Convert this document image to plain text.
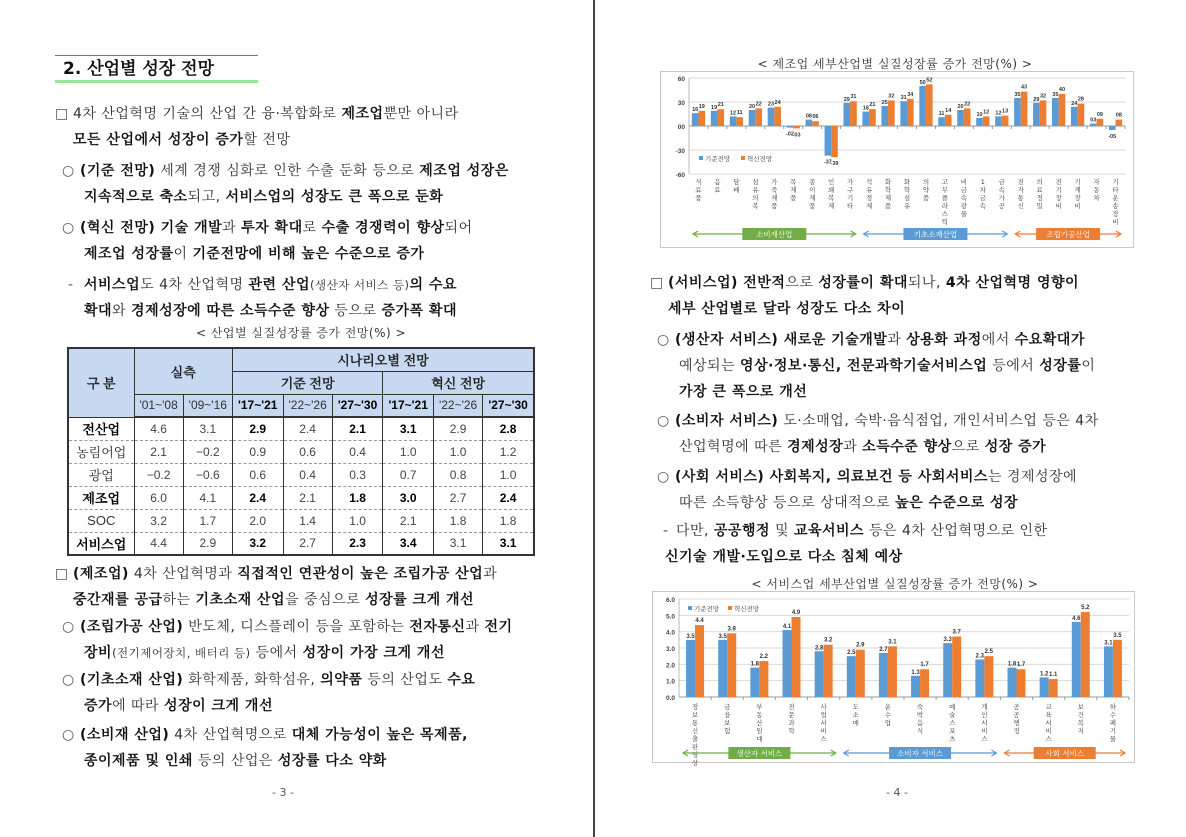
2. 산업별 성장 전망
□ 4차 산업혁명 기술의 산업 간 융·복합화로 제조업뿐만 아니라
모든 산업에서 성장이 증가할 전망
○ (기준 전망) 세계 경쟁 심화로 인한 수출 둔화 등으로 제조업 성장은
지속적으로 축소되고, 서비스업의 성장도 큰 폭으로 둔화
○ (혁신 전망) 기술 개발과 투자 확대로 수출 경쟁력이 향상되어
제조업 성장률이 기준전망에 비해 높은 수준으로 증가
- 서비스업도 4차 산업혁명 관련 산업(생산자 서비스 등)의 수요
확대와 경제성장에 따른 소득수준 향상 등으로 증가폭 확대
< 산업별 실질성장률 증가 전망(%) >
구 분	실측		시나리오별 전망					
			기준 전망			혁신 전망		
	'01~'08	'09~'16	'17~'21	'22~'26	'27~'30	'17~'21	'22~'26	'27~'30
전산업	4.6	3.1	2.9	2.4	2.1	3.1	2.9	2.8
농림어업	2.1	−0.2	0.9	0.6	0.4	1.0	1.0	1.2
광업	−0.2	−0.6	0.6	0.4	0.3	0.7	0.8	1.0
제조업	6.0	4.1	2.4	2.1	1.8	3.0	2.7	2.4
SOC	3.2	1.7	2.0	1.4	1.0	2.1	1.8	1.8
서비스업	4.4	2.9	3.2	2.7	2.3	3.4	3.1	3.1
□ (제조업) 4차 산업혁명과 직접적인 연관성이 높은 조립가공 산업과
중간재를 공급하는 기초소재 산업을 중심으로 성장률 크게 개선
○ (조립가공 산업) 반도체, 디스플레이 등을 포함하는 전자통신과 전기
장비(전기제어장치, 배터리 등) 등에서 성장이 가장 크게 개선
○ (기초소재 산업) 화학제품, 화학섬유, 의약품 등의 산업도 수요
증가에 따라 성장이 크게 개선
○ (소비재 산업) 4차 산업혁명으로 대체 가능성이 높은 목제품,
종이제품 및 인쇄 등의 산업은 성장률 다소 약화
- 3 -
< 제조업 세부산업별 실질성장률 증가 전망(%) >
60
30
00
-30
-60
16
19
식
료
품
19 21
음
료
12 11
담
배
20 22
섬
유
의
복
23 24
가
죽
제
품
-02
-03
목
제
품
08 06
종
이
제
품
-37
-39
인
쇄
복
제
29 31
가
구
기
타
18
21
석
유
정
제
25
32
화
학
제
품
31
34
화
학
섬
유
50 52
의
약
품
11
14
고
무
플
라
스
틱
20 22
비
금
속
광
물
10 12
1
차
금
속
12 13
금
속
가
공
35
43
전
자
통
신
29
32
의
료
정
밀
35
40
전
기
장
비
24
28
기
계
장
비
03
09
자
동
차
-05
08
기
타
운
송
장
비
기준전망	혁신전망
소비재산업	기초소재산업	조립가공산업
□ (서비스업) 전반적으로 성장률이 확대되나, 4차 산업혁명 영향이
세부 산업별로 달라 성장도 다소 차이
○ (생산자 서비스) 새로운 기술개발과 상용화 과정에서 수요확대가
예상되는 영상·정보·통신, 전문과학기술서비스업 등에서 성장률이
가장 큰 폭으로 개선
○ (소비자 서비스) 도·소매업, 숙박·음식점업, 개인서비스업 등은 4차
산업혁명에 따른 경제성장과 소득수준 향상으로 성장 증가
○ (사회 서비스) 사회복지, 의료보건 등 사회서비스는 경제성장에
따른 소득향상 등으로 상대적으로 높은 수준으로 성장
- 다만, 공공행정 및 교육서비스 등은 4차 산업혁명으로 인한
신기술 개발·도입으로 다소 침체 예상
< 서비스업 세부산업별 실질성장률 증가 전망(%) >
6.0
5.0
4.0
3.0
2.0
1.0
0.0
3.5
4.4
정
보
통
신
출
판
영
상
3.5
3.9
금
융
보
험
1.8
2.2
부
동
산
임
대
4.1
4.9
전
문
과
학
2.8
3.2
사
업
서
비
스
2.5
2.9
도
소
매
2.7
3.1
운
수
업
1.3
1.7
숙
박
음
식
3.3
3.7
예
술
스
포
츠
2.3
2.5
개
인
서
비
스
1.8 1.7
공
공
행
정
1.2 1.1
교
육
서
비
스
4.6
5.2
보
건
복
지
3.1
3.5
하
수
폐
기
물
기준전망 혁신전망
생산자 서비스	소비자 서비스	사회 서비스
- 4 -
